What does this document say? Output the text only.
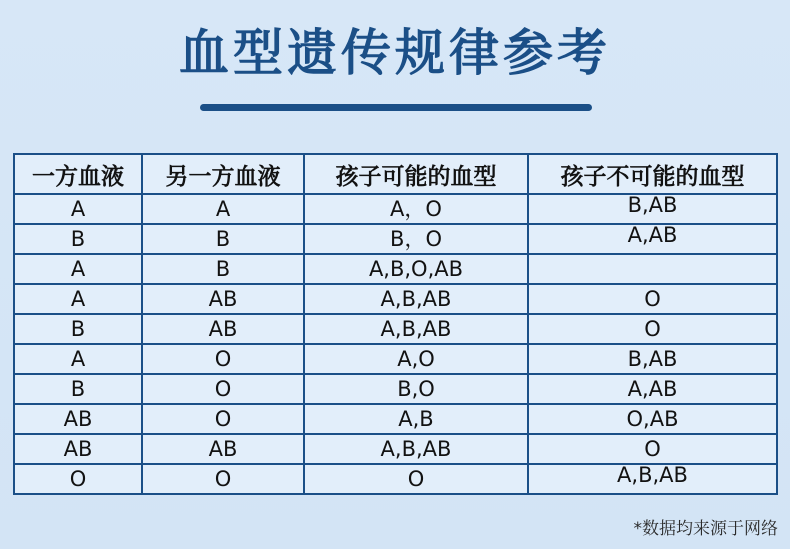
血型遗传规律参考
一方血液	另一方血液	孩子可能的血型	孩子不可能的血型
A	A	A，O	B,AB
B	B	B，O	A,AB
A	B	A,B,O,AB	
A	AB	A,B,AB	O
B	AB	A,B,AB	O
A	O	A,O	B,AB
B	O	B,O	A,AB
AB	O	A,B	O,AB
AB	AB	A,B,AB	O
O	O	O	A,B,AB
*数据均来源于网络
